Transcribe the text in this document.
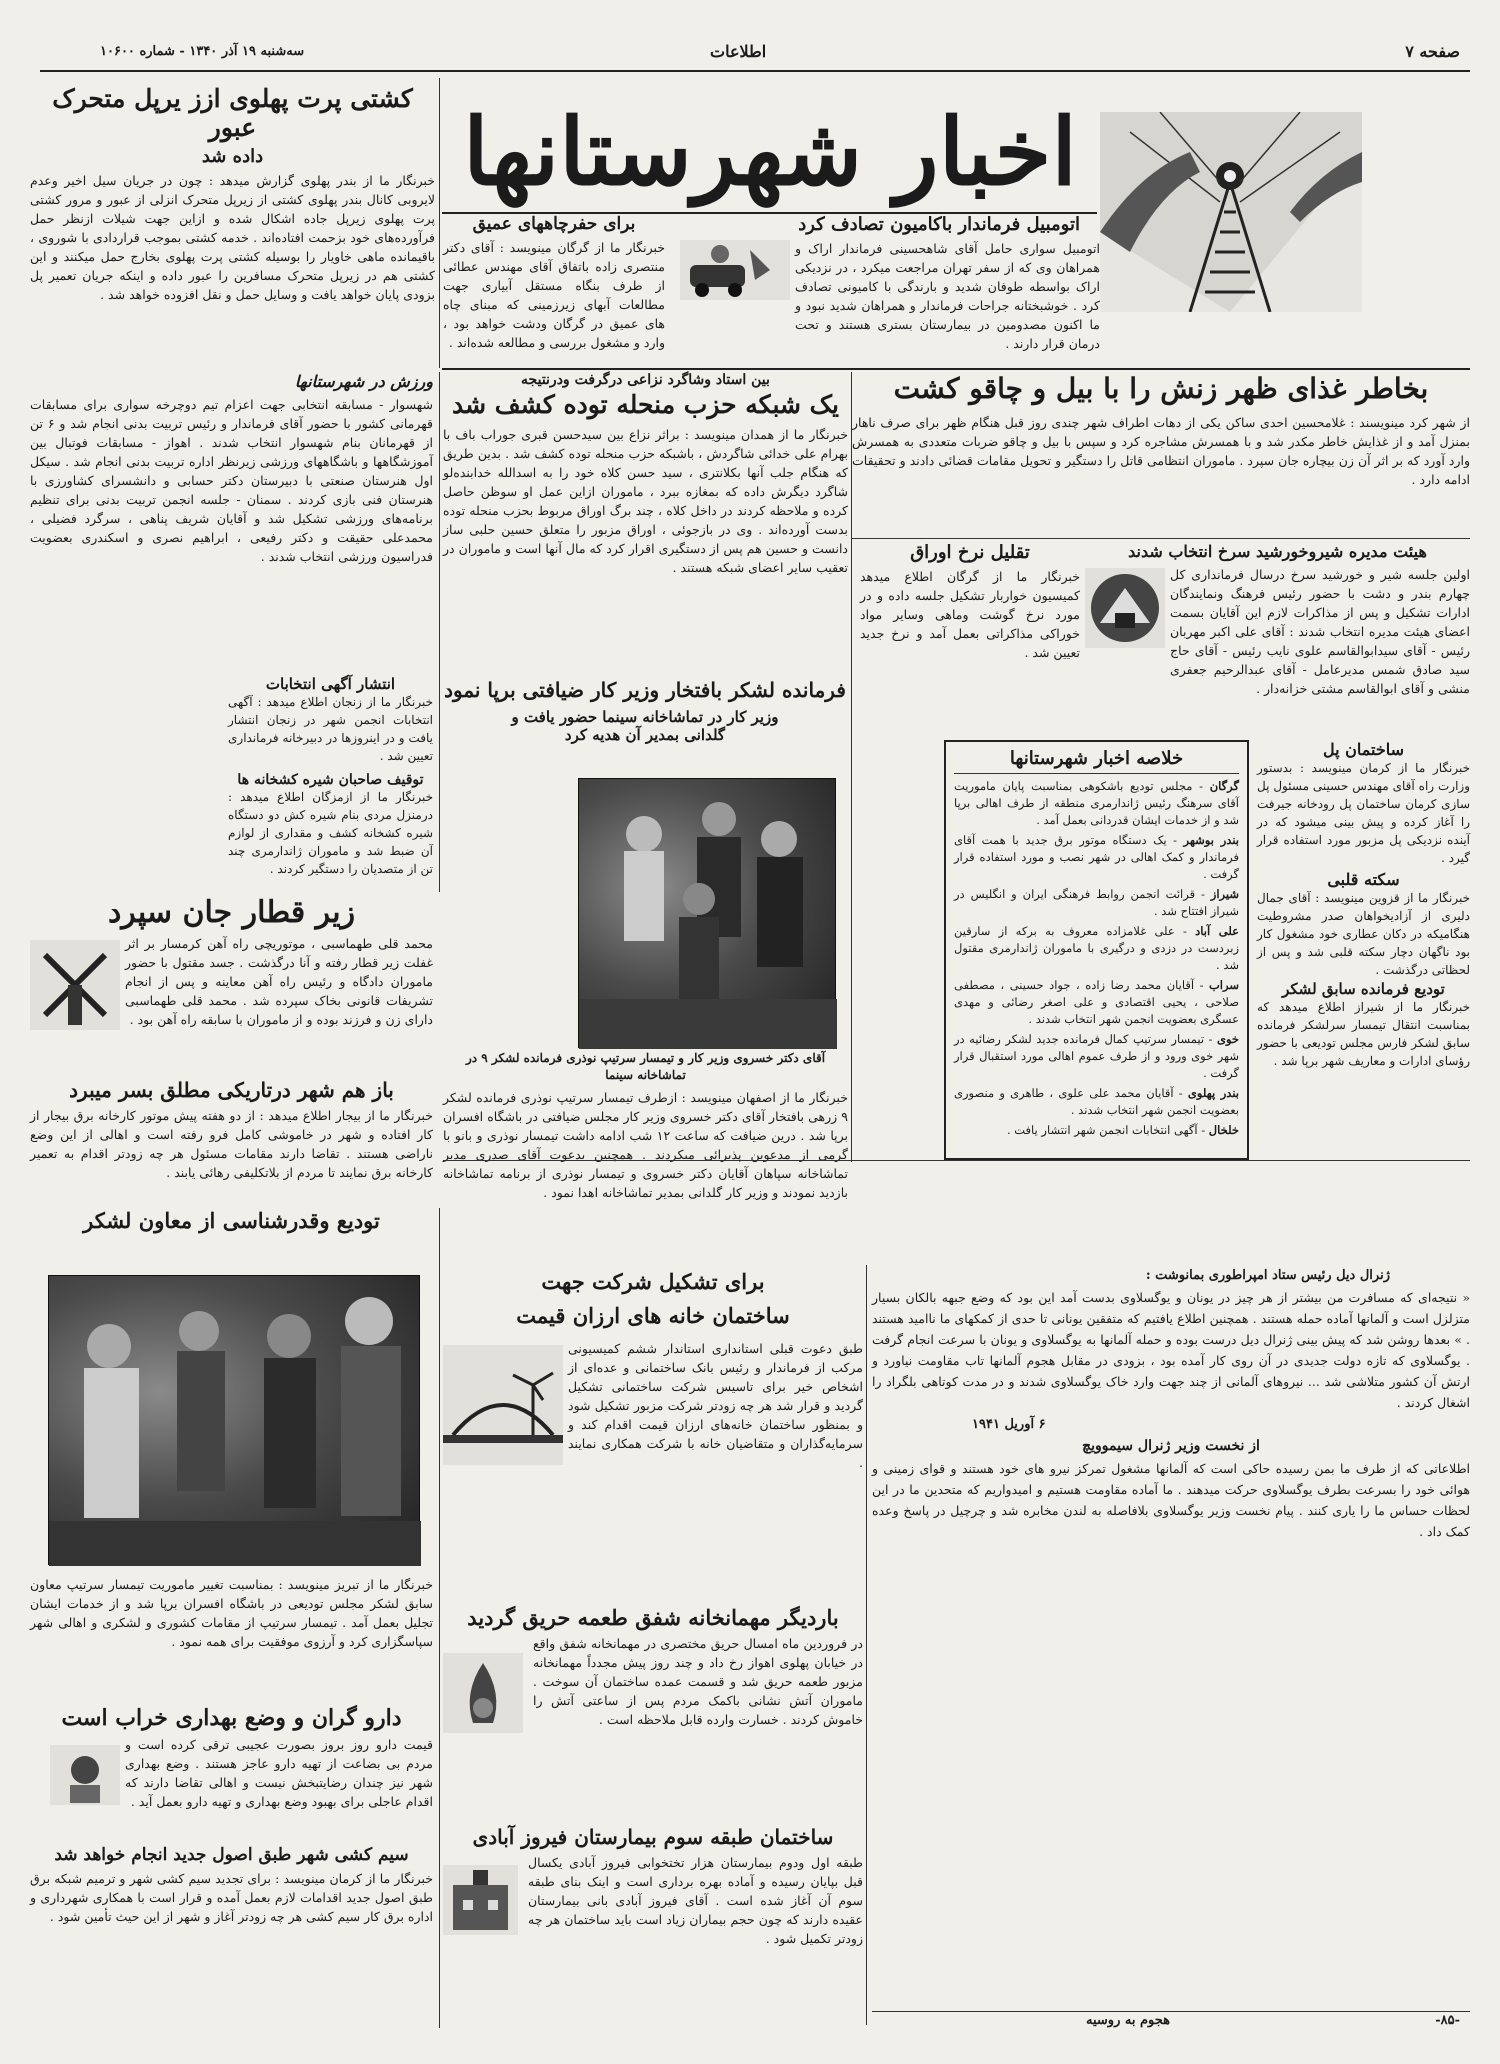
صفحه ۷
اطلاعات
سه‌شنبه ۱۹ آذر ۱۳۴۰ - شماره ۱۰۶۰۰
اخبار شهرستانها
اتومبیل فرماندار باکامیون تصادف کرد
اتومبیل سواری حامل آقای شاهحسینی فرماندار اراک و همراهان وی که از سفر تهران مراجعت میکرد ، در نزدیکی اراک بواسطه طوفان شدید و بارندگی با کامیونی تصادف کرد . خوشبختانه جراحات فرماندار و همراهان شدید نبود و ما اکنون مصدومین در بیمارستان بستری هستند و تحت درمان قرار دارند .
برای حفرچاههای عمیق
خبرنگار ما از گرگان مینویسد : آقای دکتر منتصری زاده باتفاق آقای مهندس عطائی از طرف بنگاه مستقل آبیاری جهت مطالعات آبهای زیرزمینی که مبنای چاه های عمیق در گرگان ودشت خواهد بود ، وارد و مشغول بررسی و مطالعه شده‌اند .
کشتی پرت پهلوی ازز یرپل متحرک عبور
داده شد
خبرنگار ما از بندر پهلوی گزارش میدهد : چون در جریان سیل اخیر وعدم لایروبی کانال بندر پهلوی کشتی از زیرپل متحرک انزلی از عبور و مرور کشتی پرت پهلوی زیرپل جاده اشکال شده و ازاین جهت شیلات ازنظر حمل فرآورده‌های خود بزحمت افتاده‌اند . خدمه کشتی بموجب قراردادی با شوروی ، باقیمانده ماهی خاویار را بوسیله کشتی پرت پهلوی بخارج حمل میکنند و این کشتی هم در زیرپل متحرک مسافرین را عبور داده و اینکه جریان تعمیر پل بزودی پایان خواهد یافت و وسایل حمل و نقل افزوده خواهد شد .
بخاطر غذای ظهر زنش را با بیل و چاقو کشت
از شهر کرد مینویسند : غلامحسین احدی ساکن یکی از دهات اطراف شهر چندی روز قبل هنگام ظهر برای صرف ناهار بمنزل آمد و از غذایش خاطر مکدر شد و با همسرش مشاجره کرد و سپس با بیل و چاقو ضربات متعددی به همسرش وارد آورد که بر اثر آن زن بیچاره جان سپرد . ماموران انتظامی قاتل را دستگیر و تحویل مقامات قضائی دادند و تحقیقات ادامه دارد .
هیئت مدیره شیروخورشید سرخ انتخاب شدند
اولین جلسه شیر و خورشید سرخ درسال فرمانداری کل چهارم بندر و دشت با حضور رئیس فرهنگ ونمایندگان ادارات تشکیل و پس از مذاکرات لازم این آقایان بسمت اعضای هیئت مدیره انتخاب شدند : آقای علی اکبر مهربان رئیس - آقای سیدابوالقاسم علوی نایب رئیس - آقای حاج سید صادق شمس مدیرعامل - آقای عبدالرحیم جعفری منشی و آقای ابوالقاسم مشتی خزانه‌دار .
تقلیل نرخ اوراق
خبرنگار ما از گرگان اطلاع میدهد کمیسیون خواربار تشکیل جلسه داده و در مورد نرخ گوشت وماهی وسایر مواد خوراکی مذاکراتی بعمل آمد و نرخ جدید تعیین شد .
خلاصه اخبار شهرستانها
گرگان - مجلس تودیع باشکوهی بمناسبت پایان ماموریت آقای سرهنگ رئیس ژاندارمری منطقه از طرف اهالی برپا شد و از خدمات ایشان قدردانی بعمل آمد .
بندر بوشهر - یک دستگاه موتور برق جدید با همت آقای فرماندار و کمک اهالی در شهر نصب و مورد استفاده قرار گرفت .
شیراز - قرائت انجمن روابط فرهنگی ایران و انگلیس در شیراز افتتاح شد .
علی آباد - علی غلامزاده معروف به برکه از سارقین زبردست در دزدی و درگیری با ماموران ژاندارمری مقتول شد .
سراب - آقایان محمد رضا زاده ، جواد حسینی ، مصطفی صلاحی ، یحیی اقتصادی و علی اصغر رضائی و مهدی عسگری بعضویت انجمن شهر انتخاب شدند .
خوی - تیمسار سرتیپ کمال فرمانده جدید لشکر رضائیه در شهر خوی ورود و از طرف عموم اهالی مورد استقبال قرار گرفت .
بندر پهلوی - آقایان محمد علی علوی ، طاهری و منصوری بعضویت انجمن شهر انتخاب شدند .
خلخال - آگهی انتخابات انجمن شهر انتشار یافت .
ساختمان پل
خبرنگار ما از کرمان مینویسد : بدستور وزارت راه آقای مهندس حسینی مسئول پل سازی کرمان ساختمان پل رودخانه جیرفت را آغاز کرده و پیش بینی میشود که در آینده نزدیکی پل مزبور مورد استفاده قرار گیرد .
سکته قلبی
خبرنگار ما از قزوین مینویسد : آقای جمال دلیری از آزادیخواهان صدر مشروطیت هنگامیکه در دکان عطاری خود مشغول کار بود ناگهان دچار سکته قلبی شد و پس از لحظاتی درگذشت .
تودیع فرمانده سابق لشکر
خبرنگار ما از شیراز اطلاع میدهد که بمناسبت انتقال تیمسار سرلشکر فرمانده سابق لشکر فارس مجلس تودیعی با حضور رؤسای ادارات و معاریف شهر برپا شد .
بین استاد وشاگرد نزاعی درگرفت ودرنتیجه
یک شبکه حزب منحله توده کشف شد
خبرنگار ما از همدان مینویسد : براثر نزاع بین سیدحسن قبری جوراب باف با بهرام علی خدائی شاگردش ، باشبکه حزب منحله توده کشف شد . بدین طریق که هنگام جلب آنها بکلانتری ، سید حسن کلاه خود را به اسدالله خدابنده‌لو شاگرد دیگرش داده که بمغازه ببرد ، ماموران ازاین عمل او سوظن حاصل کرده و ملاحظه کردند در داخل کلاه ، چند برگ اوراق مربوط بحزب منحله توده بدست آورده‌اند . وی در بازجوئی ، اوراق مزبور را متعلق حسین حلبی ساز دانست و حسین هم پس از دستگیری اقرار کرد که مال آنها است و ماموران در تعقیب سایر اعضای شبکه هستند .
انتشار آگهی انتخابات
خبرنگار ما از زنجان اطلاع میدهد : آگهی انتخابات انجمن شهر در زنجان انتشار یافت و در اینروزها در دبیرخانه فرمانداری تعیین شد .
توقیف صاحبان شیره کشخانه ها
خبرنگار ما از ازمزگان اطلاع میدهد : درمنزل مردی بنام شیره کش دو دستگاه شیره کشخانه کشف و مقداری از لوازم آن ضبط شد و ماموران ژاندارمری چند تن از متصدیان را دستگیر کردند .
فرمانده لشکر بافتخار وزیر کار ضیافتی برپا نمود
وزیر کار در تماشاخانه سینما حضور یافت و گلدانی بمدیر آن هدیه کرد
آقای دکتر خسروی وزیر کار و تیمسار سرتیپ نوذری فرمانده لشکر ۹ در تماشاخانه سینما
خبرنگار ما از اصفهان مینویسد : ازطرف تیمسار سرتیپ نوذری فرمانده لشکر ۹ زرهی بافتخار آقای دکتر خسروی وزیر کار مجلس ضیافتی در باشگاه افسران برپا شد . درین ضیافت که ساعت ۱۲ شب ادامه داشت تیمسار نوذری و بانو با گرمی از مدعوین پذیرائی میکردند . همچنین بدعوت آقای صدری مدیر تماشاخانه سپاهان آقایان دکتر خسروی و تیمسار نوذری از برنامه تماشاخانه بازدید نمودند و وزیر کار گلدانی بمدیر تماشاخانه اهدا نمود .
ورزش در شهرستانها
شهسوار - مسابقه انتخابی جهت اعزام تیم دوچرخه سواری برای مسابقات قهرمانی کشور با حضور آقای فرماندار و رئیس تربیت بدنی انجام شد و ۶ تن از قهرمانان بنام شهسوار انتخاب شدند . اهواز - مسابقات فوتبال بین آموزشگاهها و باشگاههای ورزشی زیرنظر اداره تربیت بدنی انجام شد . سیکل اول هنرستان صنعتی با دبیرستان دکتر حسابی و دانشسرای کشاورزی با هنرستان فنی بازی کردند . سمنان - جلسه انجمن تربیت بدنی برای تنظیم برنامه‌های ورزشی تشکیل شد و آقایان شریف پناهی ، سرگرد فضیلی ، محمدعلی حقیقت و دکتر رفیعی ، ابراهیم نصری و اسکندری بعضویت فدراسیون ورزشی انتخاب شدند .
زیر قطار جان سپرد
محمد قلی طهماسبی ، موتوریچی راه آهن کرمسار بر اثر غفلت زیر قطار رفته و آنا درگذشت . جسد مقتول با حضور ماموران دادگاه و رئیس راه آهن معاینه و پس از انجام تشریفات قانونی بخاک سپرده شد . محمد قلی طهماسبی دارای زن و فرزند بوده و از ماموران با سابقه راه آهن بود .
باز هم شهر درتاریکی مطلق بسر میبرد
خبرنگار ما از بیجار اطلاع میدهد : از دو هفته پیش موتور کارخانه برق بیجار از کار افتاده و شهر در خاموشی کامل فرو رفته است و اهالی از این وضع ناراضی هستند . تقاضا دارند مقامات مسئول هر چه زودتر اقدام به تعمیر کارخانه برق نمایند تا مردم از بلاتکلیفی رهائی یابند .
تودیع وقدرشناسی از معاون لشکر
خبرنگار ما از تبریز مینویسد : بمناسبت تغییر ماموریت تیمسار سرتیپ معاون سابق لشکر مجلس تودیعی در باشگاه افسران برپا شد و از خدمات ایشان تجلیل بعمل آمد . تیمسار سرتیپ از مقامات کشوری و لشکری و اهالی شهر سپاسگزاری کرد و آرزوی موفقیت برای همه نمود .
دارو گران و وضع بهداری خراب است
قیمت دارو روز بروز بصورت عجیبی ترقی کرده است و مردم بی بضاعت از تهیه دارو عاجز هستند . وضع بهداری شهر نیز چندان رضایتبخش نیست و اهالی تقاضا دارند که اقدام عاجلی برای بهبود وضع بهداری و تهیه دارو بعمل آید .
سیم کشی شهر طبق اصول جدید انجام خواهد شد
خبرنگار ما از کرمان مینویسد : برای تجدید سیم کشی شهر و ترمیم شبکه برق طبق اصول جدید اقدامات لازم بعمل آمده و قرار است با همکاری شهرداری و اداره برق کار سیم کشی هر چه زودتر آغاز و شهر از این حیث تأمین شود .
برای تشکیل شرکت جهت ساختمان خانه های ارزان قیمت
طبق دعوت قبلی استانداری استاندار ششم کمیسیونی مرکب از فرماندار و رئیس بانک ساختمانی و عده‌ای از اشخاص خیر برای تاسیس شرکت ساختمانی تشکیل گردید و قرار شد هر چه زودتر شرکت مزبور تشکیل شود و بمنظور ساختمان خانه‌های ارزان قیمت اقدام کند و سرمایه‌گذاران و متقاضیان خانه با شرکت همکاری نمایند .
باردیگر مهمانخانه شفق طعمه حریق گردید
در فروردین ماه امسال حریق مختصری در مهمانخانه شفق واقع در خیابان پهلوی اهواز رخ داد و چند روز پیش مجدداً مهمانخانه مزبور طعمه حریق شد و قسمت عمده ساختمان آن سوخت . ماموران آتش نشانی باکمک مردم پس از ساعتی آتش را خاموش کردند . خسارت وارده قابل ملاحظه است .
ساختمان طبقه سوم بیمارستان فیروز آبادی
طبقه اول ودوم بیمارستان هزار تختخوابی فیروز آبادی یکسال قبل بپایان رسیده و آماده بهره برداری است و اینک بنای طبقه سوم آن آغاز شده است . آقای فیروز آبادی بانی بیمارستان عقیده دارند که چون حجم بیماران زیاد است باید ساختمان هر چه زودتر تکمیل شود .
ژنرال دیل رئیس ستاد امپراطوری بمانوشت :
« نتیجه‌ای که مسافرت من بیشتر از هر چیز در یونان و یوگسلاوی بدست آمد این بود که وضع جبهه بالکان بسیار متزلزل است و آلمانها آماده حمله هستند . همچنین اطلاع یافتیم که متفقین یونانی تا حدی از کمکهای ما ناامید هستند . » بعدها روشن شد که پیش بینی ژنرال دیل درست بوده و حمله آلمانها به یوگسلاوی و یونان با سرعت انجام گرفت . یوگسلاوی که تازه دولت جدیدی در آن روی کار آمده بود ، بزودی در مقابل هجوم آلمانها تاب مقاومت نیاورد و ارتش آن کشور متلاشی شد ... نیروهای آلمانی از چند جهت وارد خاک یوگسلاوی شدند و در مدت کوتاهی بلگراد را اشغال کردند .
۶ آوریل ۱۹۴۱
از نخست وزیر ژنرال سیموویچ
اطلاعاتی که از طرف ما بمن رسیده حاکی است که آلمانها مشغول تمرکز نیرو های خود هستند و قوای زمینی و هوائی خود را بسرعت بطرف یوگسلاوی حرکت میدهند . ما آماده مقاومت هستیم و امیدواریم که متحدین ما در این لحظات حساس ما را یاری کنند . پیام نخست وزیر یوگسلاوی بلافاصله به لندن مخابره شد و چرچیل در پاسخ وعده کمک داد .
هجوم به روسیه	-۸۵-
